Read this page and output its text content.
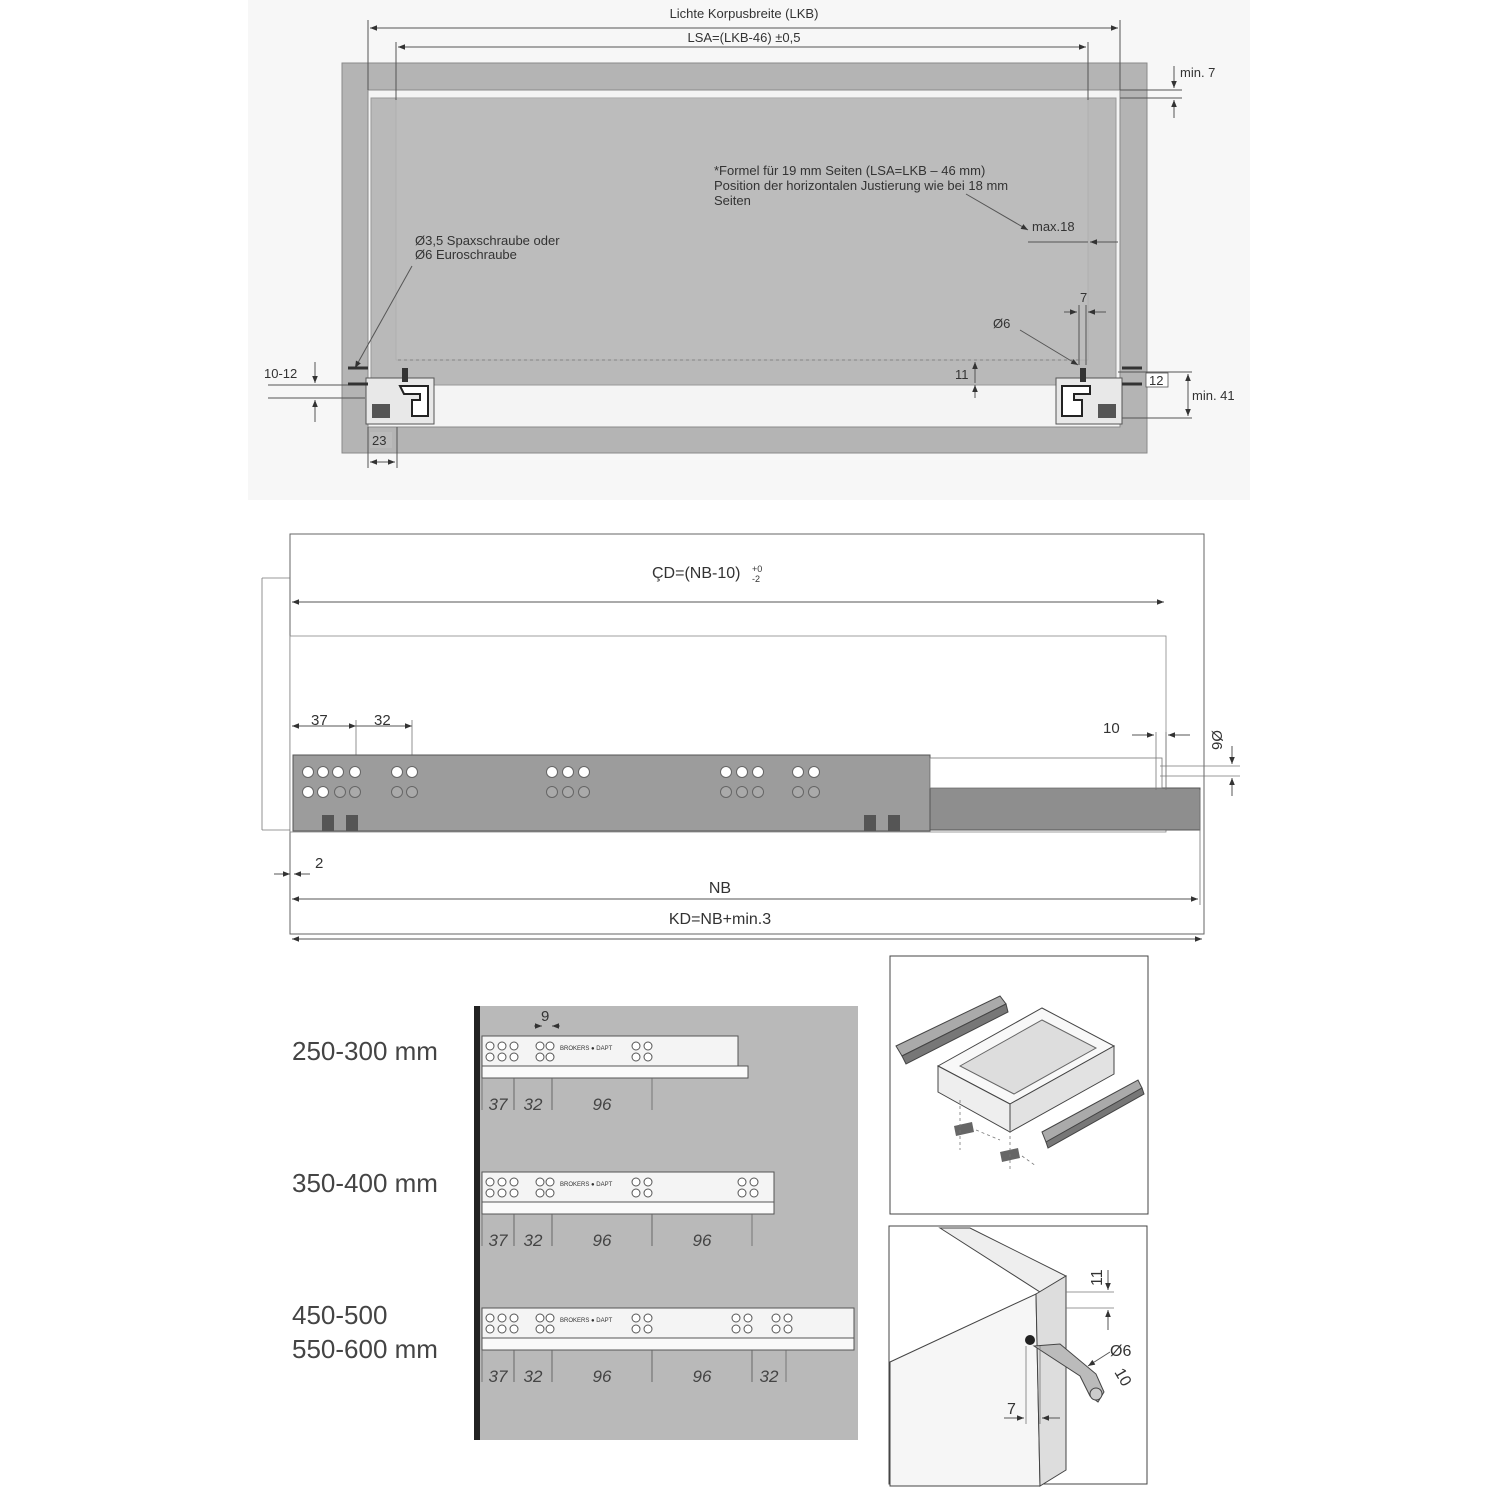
Lichte Korpusbreite (LKB)
LSA=(LKB-46) ±0,5
min. 7
*Formel für 19 mm Seiten (LSA=LKB – 46 mm)
Position der horizontalen Justierung wie bei 18 mm
Seiten
max.18
Ø3,5 Spaxschraube oder
Ø6 Euroschraube
7
Ø6
10-12	11	12
min. 41
23
ÇD=(NB-10) +0
-2
37	32	10
Ø6
2
NB
KD=NB+min.3
250-300 mm
350-400 mm
450-500
550-600 mm
9
BROKERS ● DAPT
37 32	96
BROKERS ● DAPT
37 32	96	96
BROKERS ● DAPT
37 32	96	96	32
11
Ø6
10
7
